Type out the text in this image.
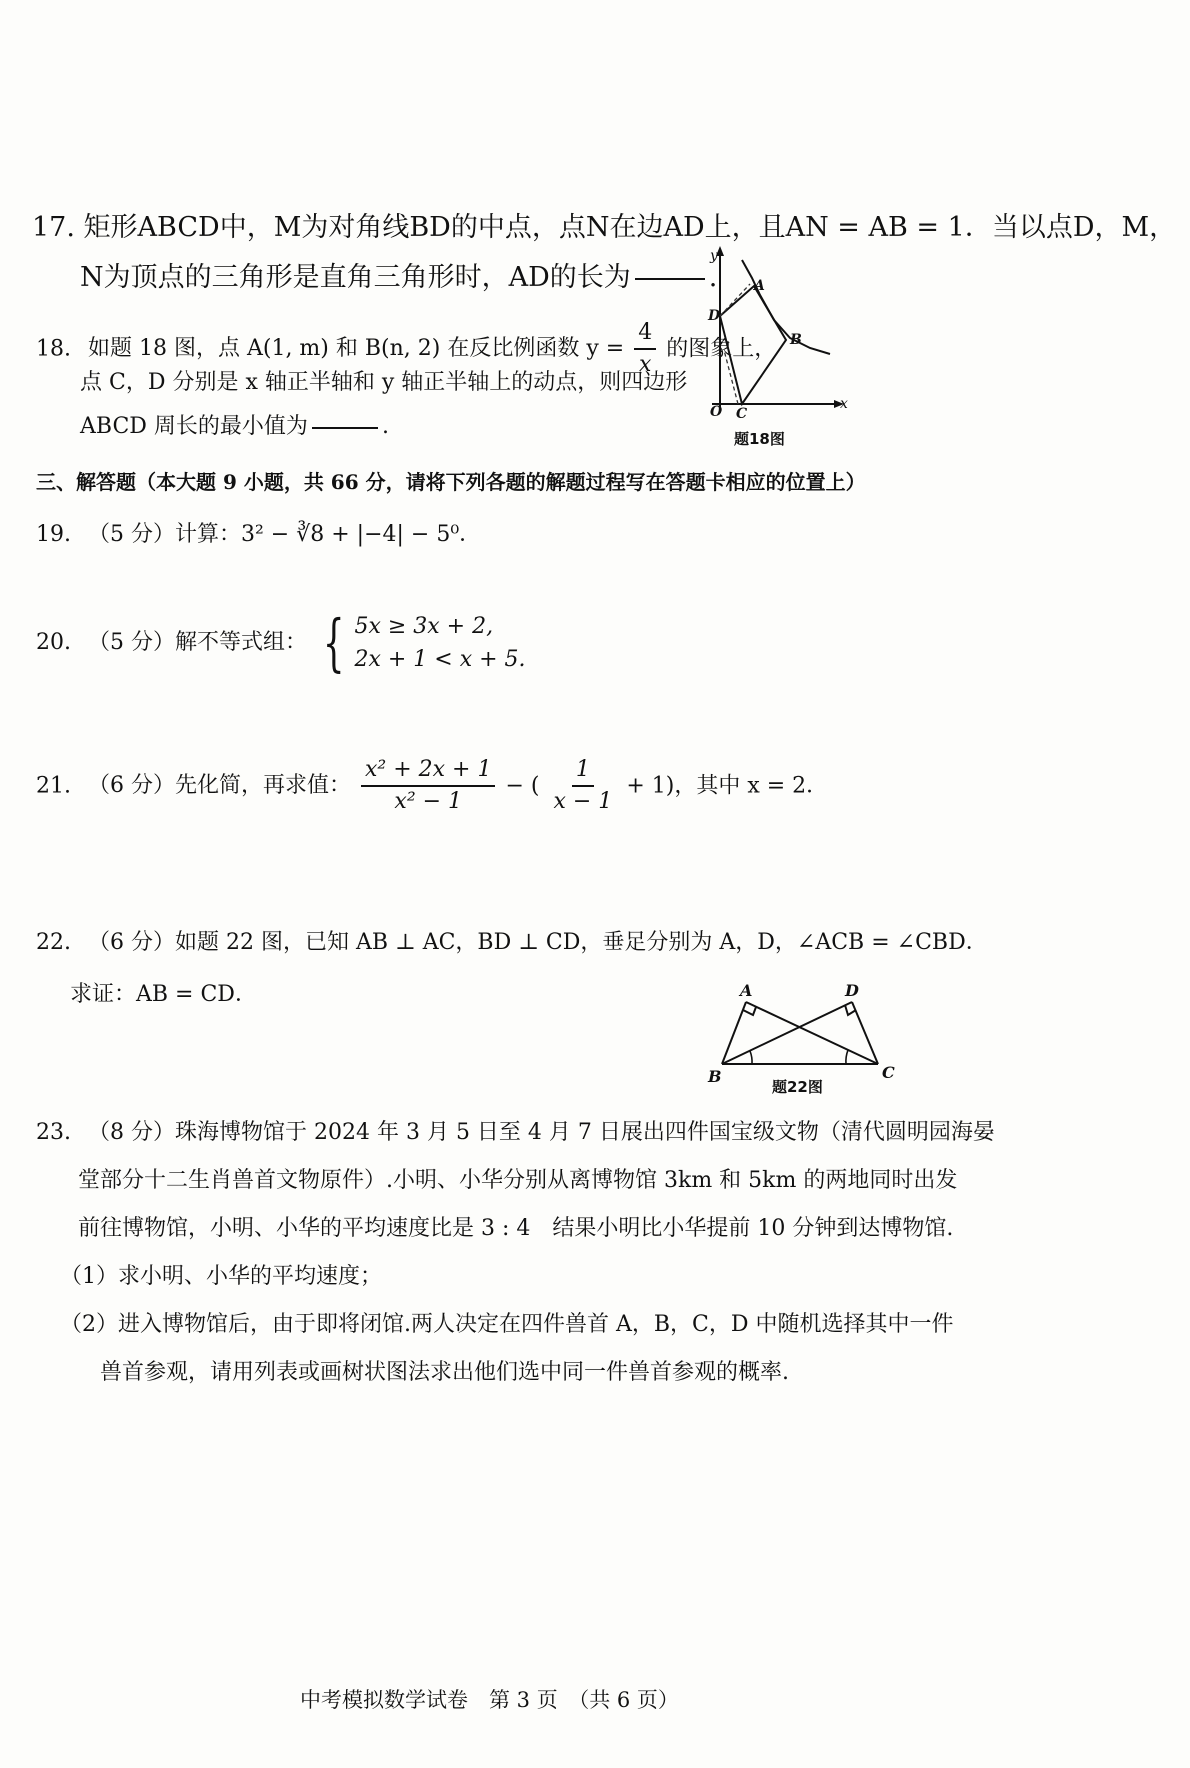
17. 矩形ABCD中，M为对角线BD的中点，点N在边AD上，且AN = AB = 1．当以点D，M，
N为顶点的三角形是直角三角形时，AD的长为	.
18. 如题 18 图，点 A(1, m) 和 B(n, 2) 在反比例函数 $y = \frac{4}{x}$ 的图象上，
点 C，D 分别是 x 轴正半轴和 y 轴正半轴上的动点，则四边形
ABCD 周长的最小值为	.
y
x
O C
D
A
B
题18图
三、解答题（本大题 9 小题，共 66 分，请将下列各题的解题过程写在答题卡相应的位置上）
19. （5 分）计算：3² − ∛8 + |−4| − 5⁰．
20. （5 分）解不等式组： { 5x ≥ 3x + 2,
2x + 1 < x + 5.
21. （6 分）先化简，再求值： $\frac{\text{x² + 2x + 1}}{\text{x² − 1}}$ − ( $\frac{1}{x - 1} + 1$)，其中 x = 2．
22. （6 分）如题 22 图，已知 AB ⊥ AC，BD ⊥ CD，垂足分别为 A，D，∠ACB = ∠CBD．
求证：AB = CD．	A	D
B	C
题22图
23. （8 分）珠海博物馆于 2024 年 3 月 5 日至 4 月 7 日展出四件国宝级文物（清代圆明园海晏
堂部分十二生肖兽首文物原件）.小明、小华分别从离博物馆 3km 和 5km 的两地同时出发
前往博物馆，小明、小华的平均速度比是 3 : 4　结果小明比小华提前 10 分钟到达博物馆.
（1）求小明、小华的平均速度；
（2）进入博物馆后，由于即将闭馆.两人决定在四件兽首 A，B，C，D 中随机选择其中一件
兽首参观，请用列表或画树状图法求出他们选中同一件兽首参观的概率.
中考模拟数学试卷　第 3 页　（共 6 页）
